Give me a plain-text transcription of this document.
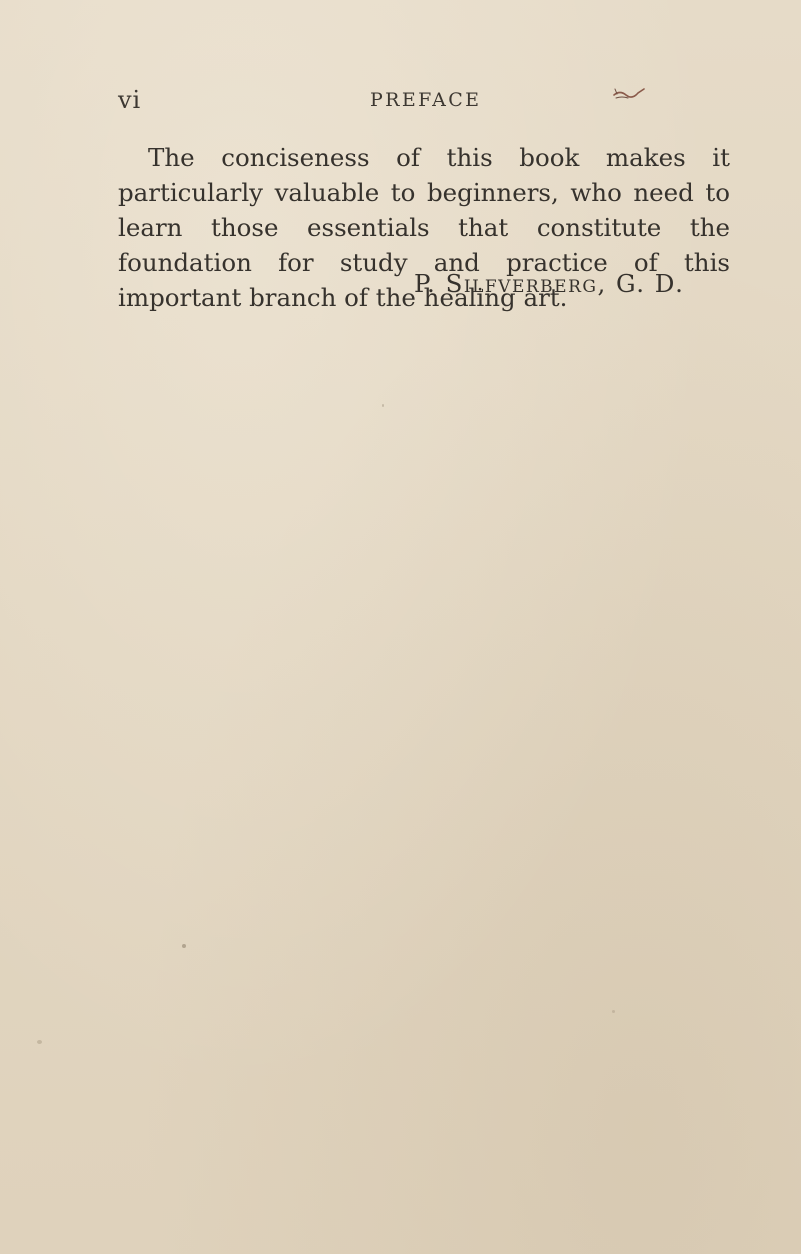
vi	PREFACE

The conciseness of this book makes it particularly valuable to beginners, who need to learn those essentials that constitute the foundation for study and practice of this important branch of the healing art.

P. Silfverberg, G. D.
